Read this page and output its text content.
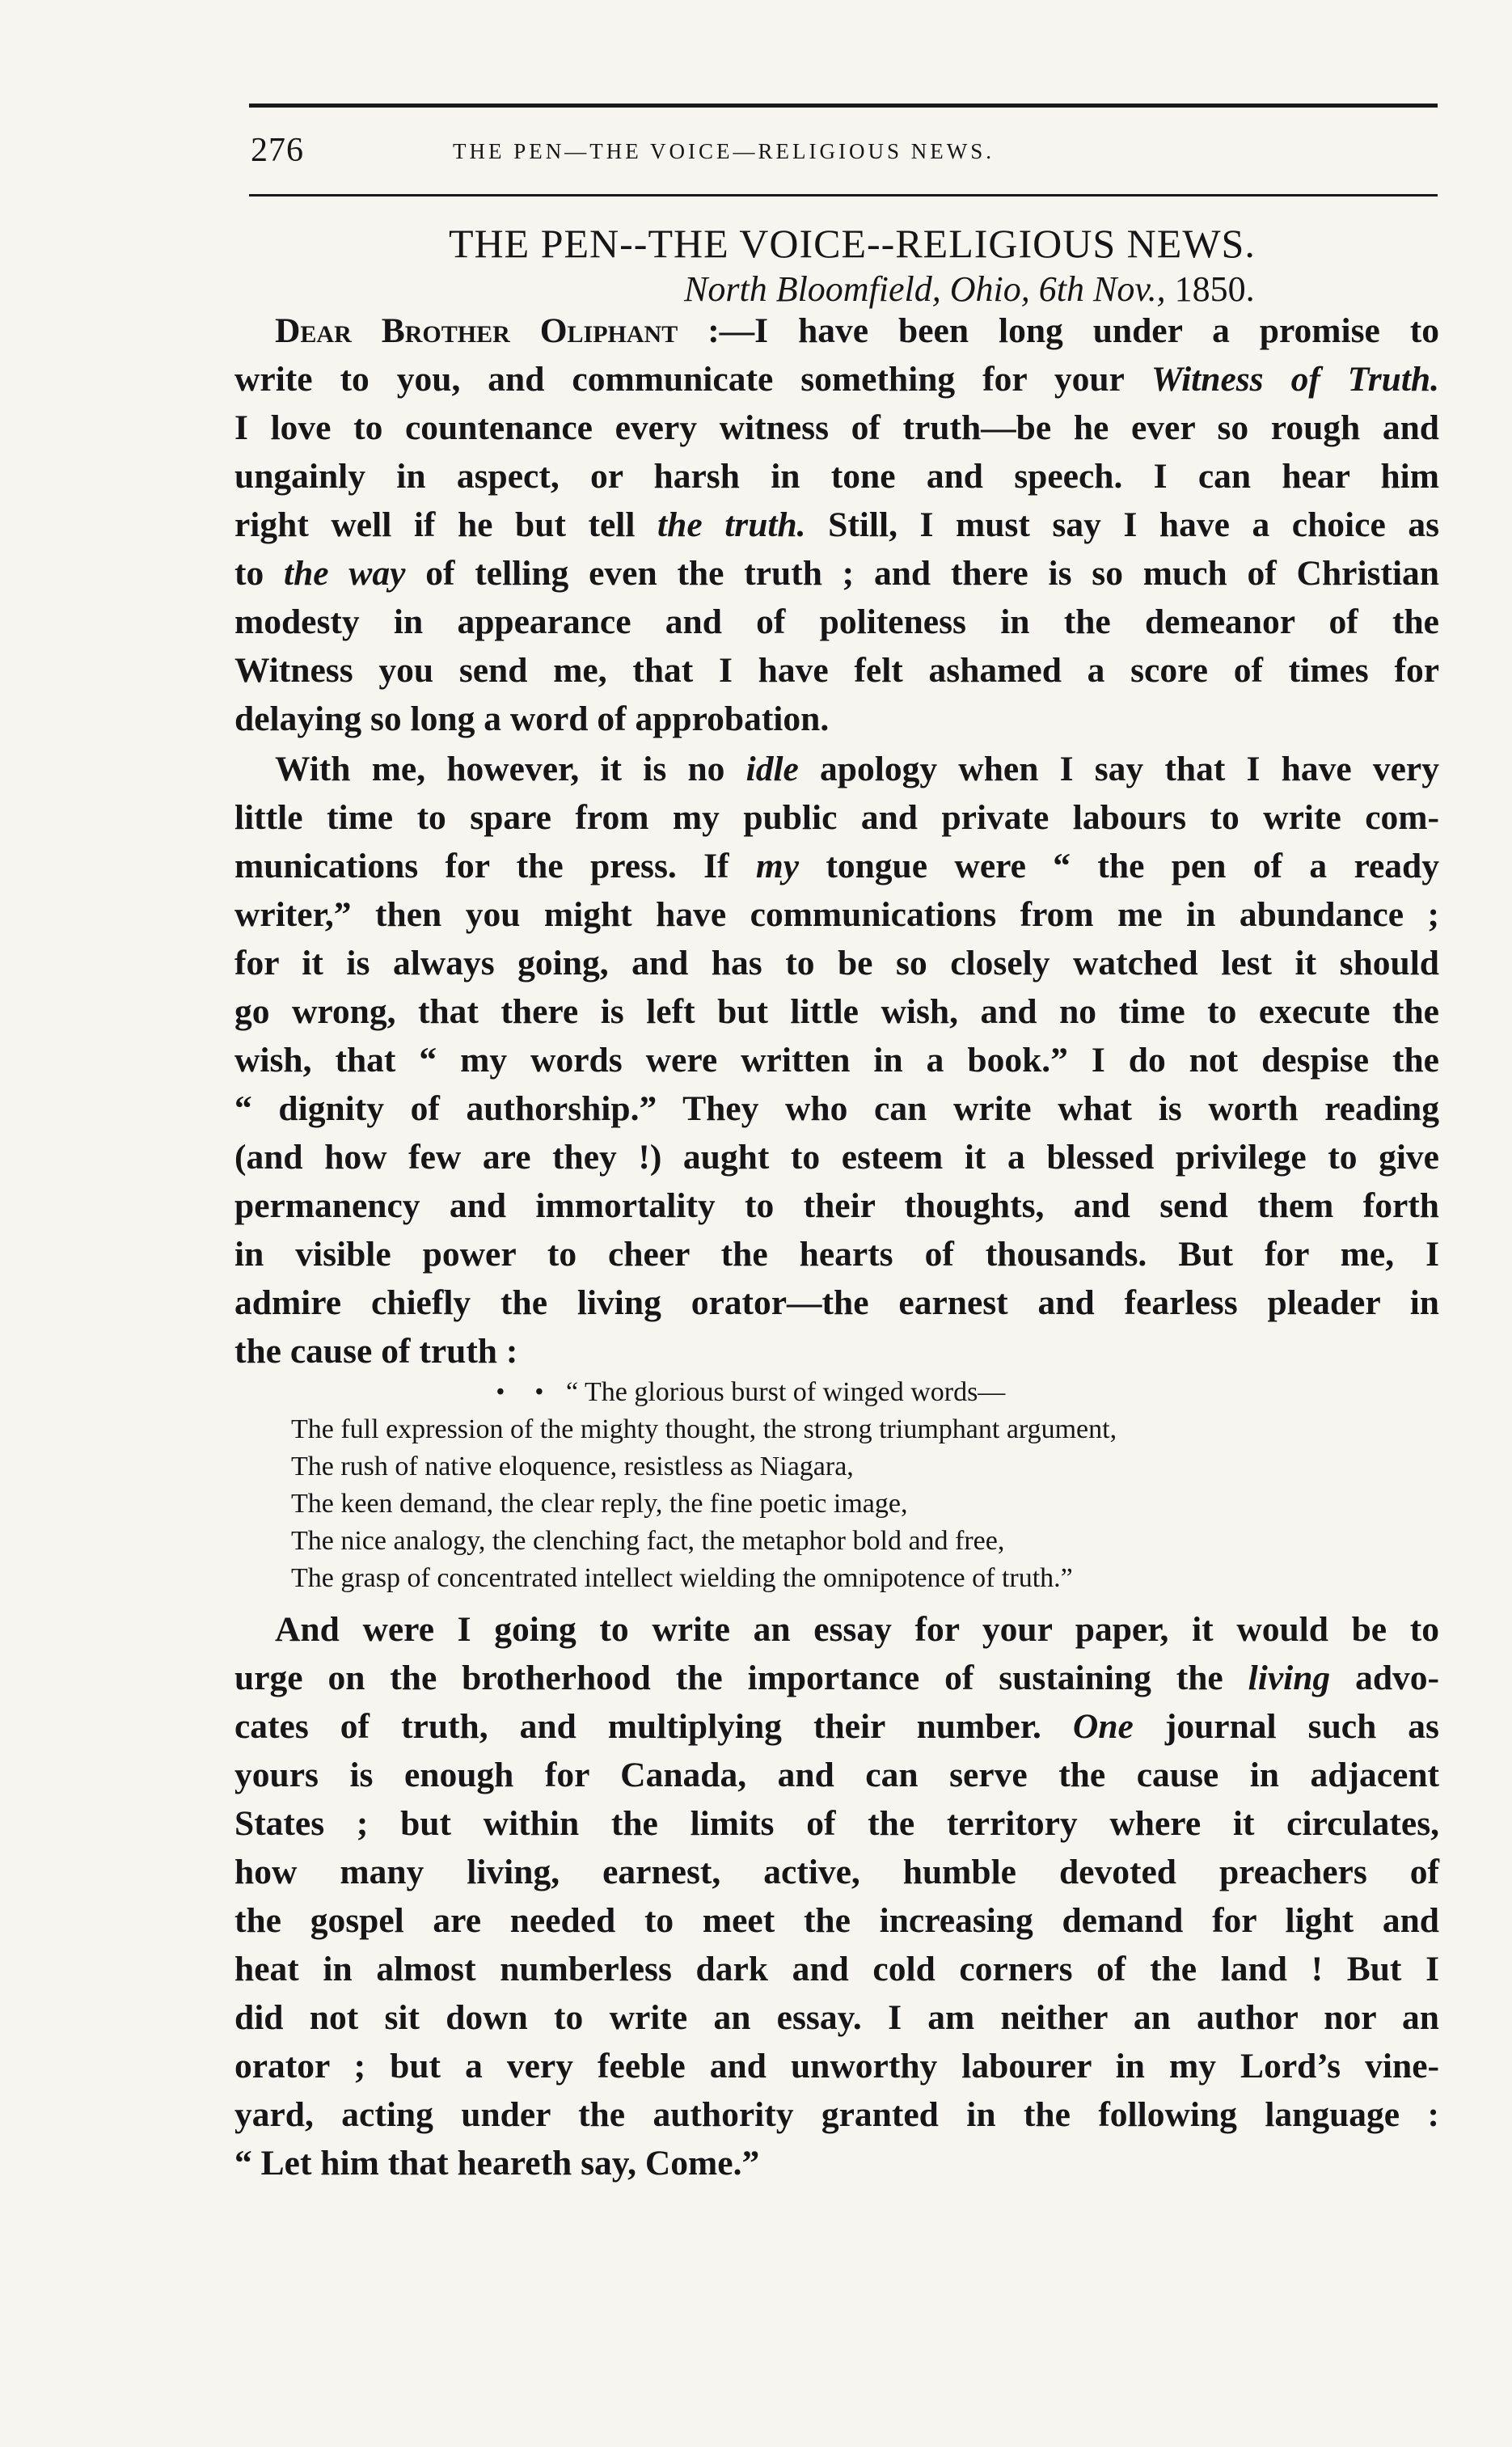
276	THE PEN—THE VOICE—RELIGIOUS NEWS.
THE PEN--THE VOICE--RELIGIOUS NEWS.
North Bloomfield, Ohio, 6th Nov., 1850.
Dear Brother Oliphant :—I have been long under a promise to
write to you, and communicate something for your Witness of Truth.
I love to countenance every witness of truth—be he ever so rough and
ungainly in aspect, or harsh in tone and speech. I can hear him
right well if he but tell the truth. Still, I must say I have a choice as
to the way of telling even the truth ; and there is so much of Christian
modesty in appearance and of politeness in the demeanor of the
Witness you send me, that I have felt ashamed a score of times for
delaying so long a word of approbation.
With me, however, it is no idle apology when I say that I have very
little time to spare from my public and private labours to write com-
munications for the press. If my tongue were “ the pen of a ready
writer,” then you might have communications from me in abundance ;
for it is always going, and has to be so closely watched lest it should
go wrong, that there is left but little wish, and no time to execute the
wish, that “ my words were written in a book.” I do not despise the
“ dignity of authorship.” They who can write what is worth reading
(and how few are they !) aught to esteem it a blessed privilege to give
permanency and immortality to their thoughts, and send them forth
in visible power to cheer the hearts of thousands. But for me, I
admire chiefly the living orator—the earnest and fearless pleader in
the cause of truth :
• • “ The glorious burst of winged words—
The full expression of the mighty thought, the strong triumphant argument,
The rush of native eloquence, resistless as Niagara,
The keen demand, the clear reply, the fine poetic image,
The nice analogy, the clenching fact, the metaphor bold and free,
The grasp of concentrated intellect wielding the omnipotence of truth.”
And were I going to write an essay for your paper, it would be to
urge on the brotherhood the importance of sustaining the living advo-
cates of truth, and multiplying their number. One journal such as
yours is enough for Canada, and can serve the cause in adjacent
States ; but within the limits of the territory where it circulates,
how many living, earnest, active, humble devoted preachers of
the gospel are needed to meet the increasing demand for light and
heat in almost numberless dark and cold corners of the land ! But I
did not sit down to write an essay. I am neither an author nor an
orator ; but a very feeble and unworthy labourer in my Lord’s vine-
yard, acting under the authority granted in the following language :
“ Let him that heareth say, Come.”
